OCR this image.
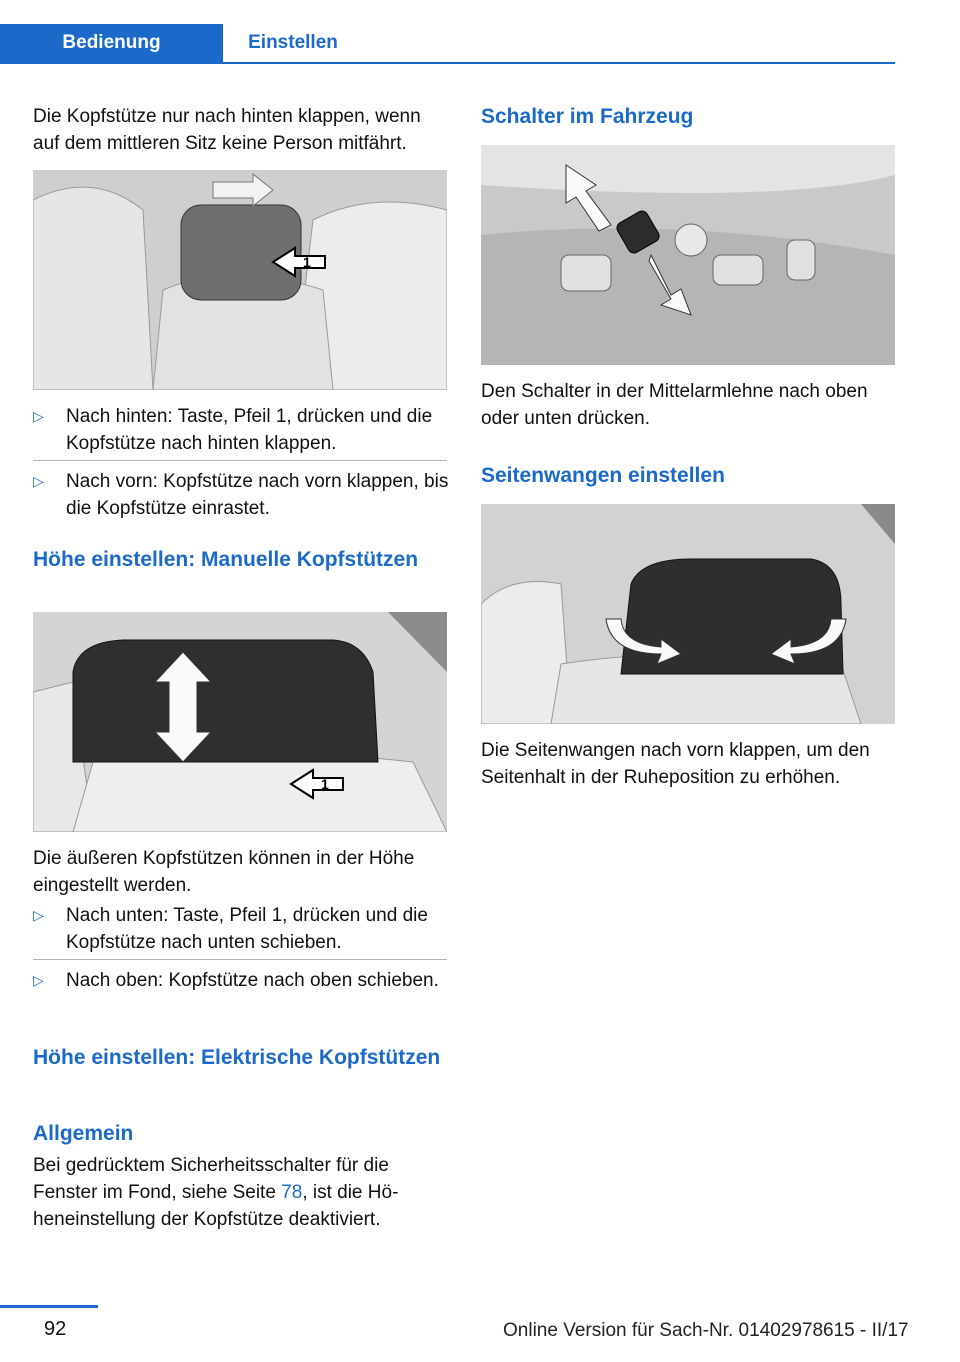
Bedienung	Einstellen

Die Kopfstütze nur nach hinten klappen, wenn auf dem mittleren Sitz keine Person mitfährt.

1
▷ Nach hinten: Taste, Pfeil 1, drücken und die Kopfstütze nach hinten klappen.
▷ Nach vorn: Kopfstütze nach vorn klappen, bis die Kopfstütze einrastet.
Höhe einstellen: Manuelle Kopfstützen
1

Die äußeren Kopfstützen können in der Höhe eingestellt werden.

▷ Nach unten: Taste, Pfeil 1, drücken und die Kopfstütze nach unten schieben.
▷ Nach oben: Kopfstütze nach oben schieben.
Höhe einstellen: Elektrische Kopfstützen
Allgemein

Bei gedrücktem Sicherheitsschalter für die Fenster im Fond, siehe Seite 78, ist die Höheneinstellung der Kopfstütze deaktiviert.

Schalter im Fahrzeug

Den Schalter in der Mittelarmlehne nach oben oder unten drücken.

Seitenwangen einstellen

Die Seitenwangen nach vorn klappen, um den Seitenhalt in der Ruheposition zu erhöhen.

92	Online Version für Sach-Nr. 01402978615 - II/17
